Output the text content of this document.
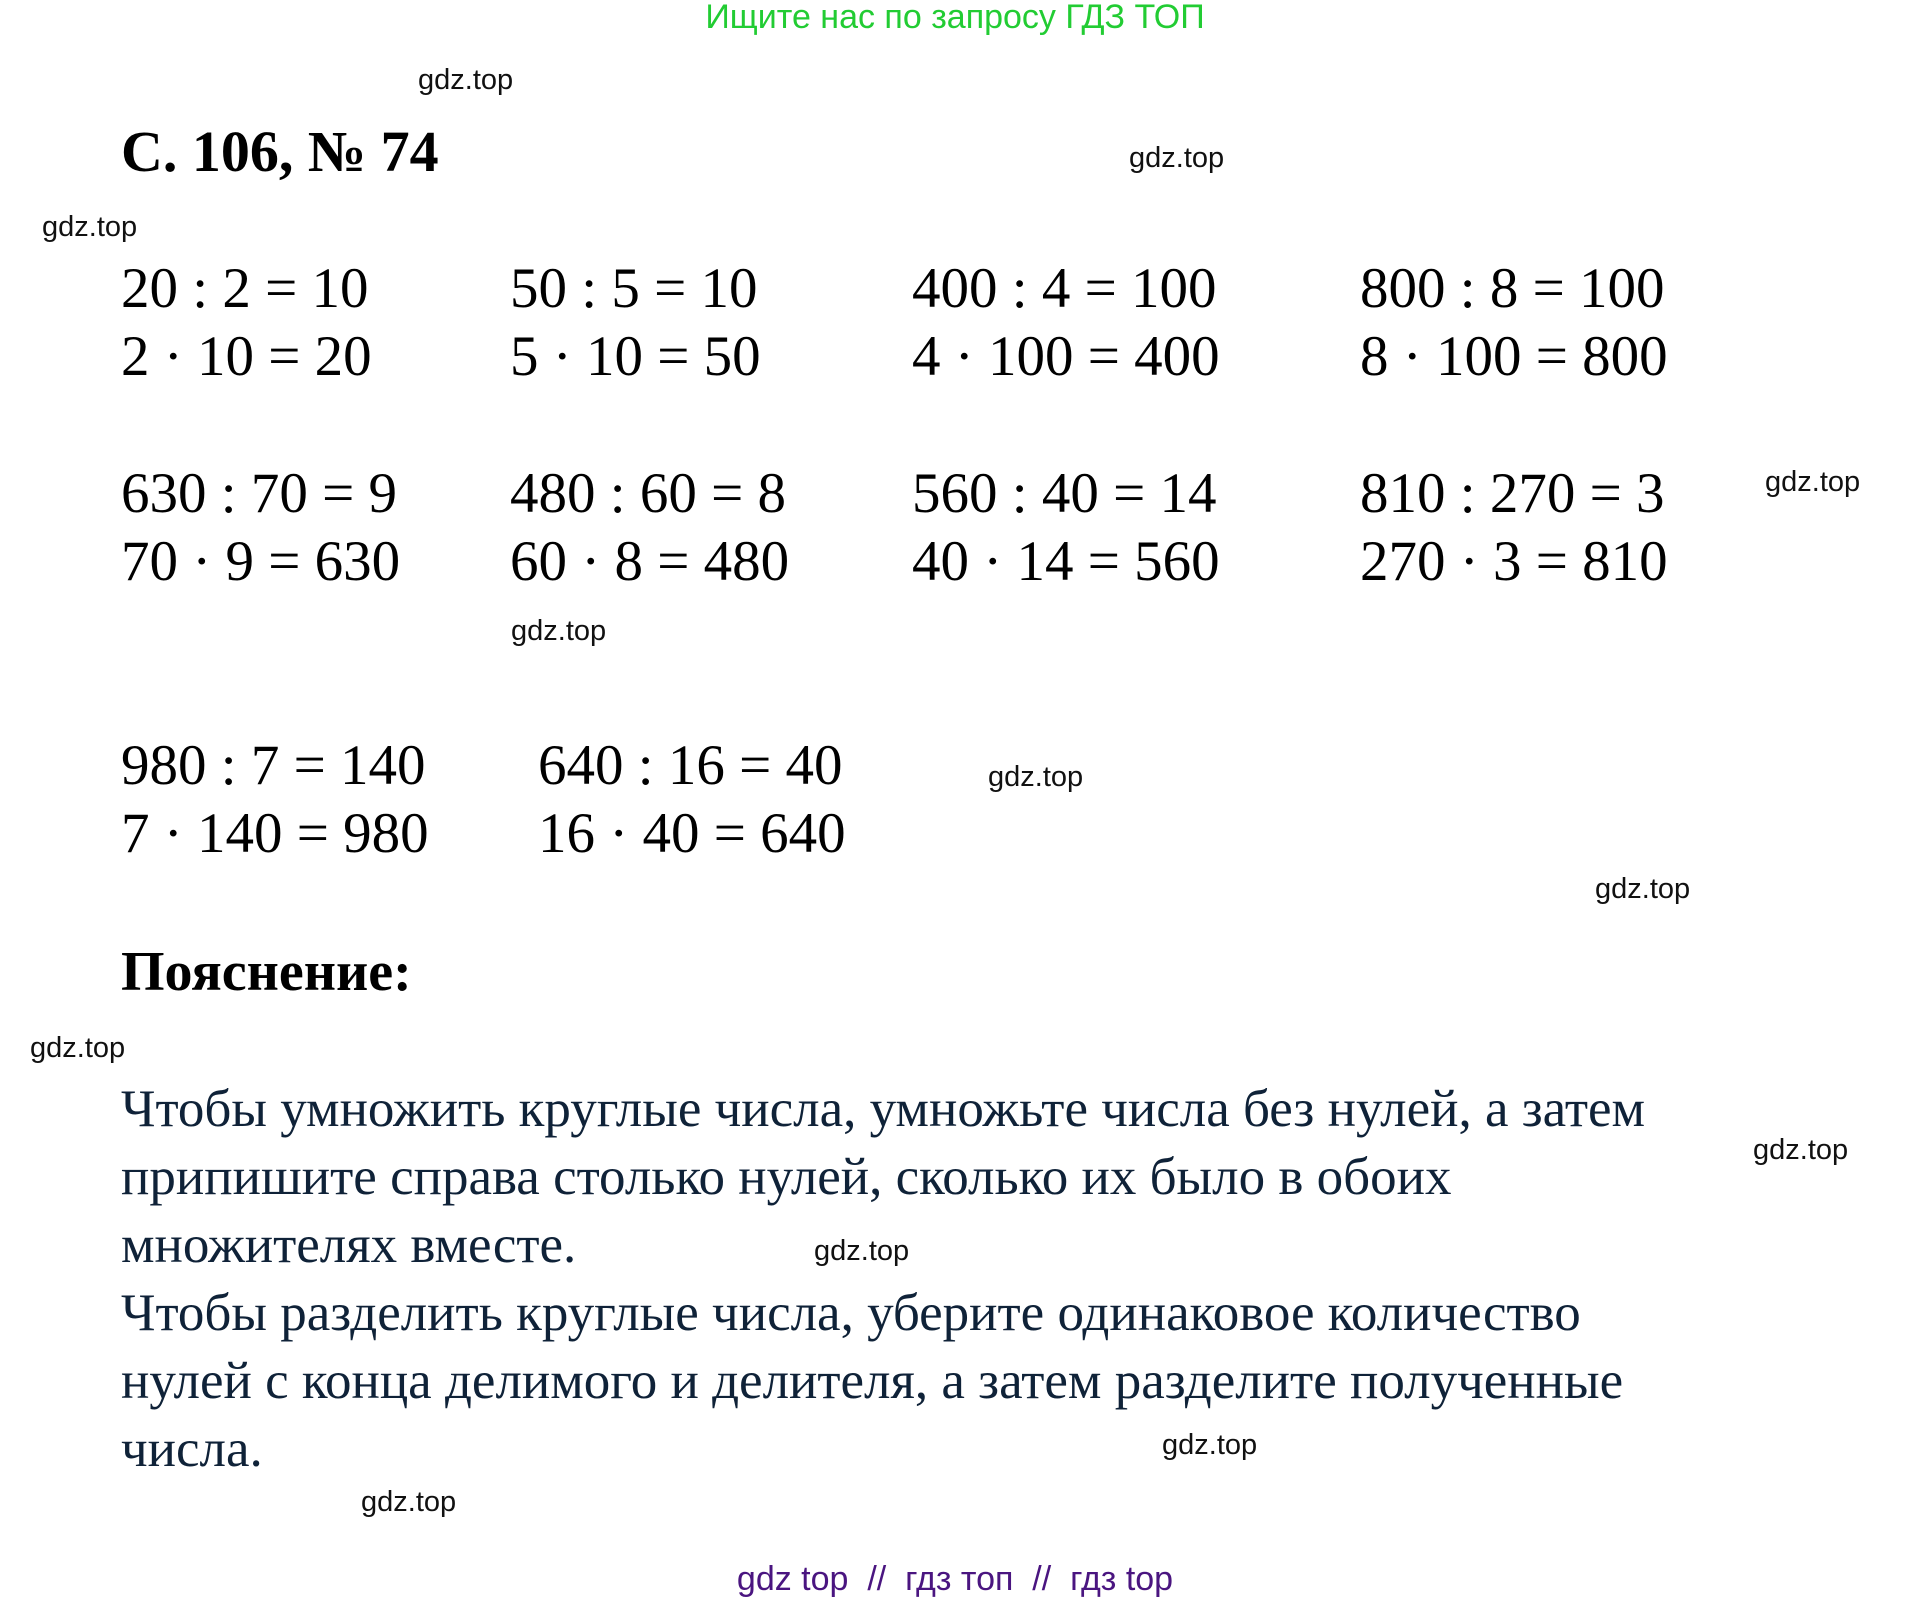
Ищите нас по запросу ГДЗ ТОП
С. 106, № 74
20 : 2 = 10
2 · 10 = 20
50 : 5 = 10
5 · 10 = 50
400 : 4 = 100
4 · 100 = 400
800 : 8 = 100
8 · 100 = 800
630 : 70 = 9
70 · 9 = 630
480 : 60 = 8
60 · 8 = 480
560 : 40 = 14
40 · 14 = 560
810 : 270 = 3
270 · 3 = 810
980 : 7 = 140
7 · 140 = 980
640 : 16 = 40
16 · 40 = 640
Пояснение:
Чтобы умножить круглые числа, умножьте числа без нулей, а затем
припишите справа столько нулей, сколько их было в обоих
множителях вместе.
Чтобы разделить круглые числа, уберите одинаковое количество
нулей с конца делимого и делителя, а затем разделите полученные
числа.
gdz.top
gdz.top
gdz.top
gdz.top
gdz.top
gdz.top
gdz.top
gdz.top
gdz.top
gdz.top
gdz.top
gdz.top
gdz top  //  гдз топ  //  гдз top
